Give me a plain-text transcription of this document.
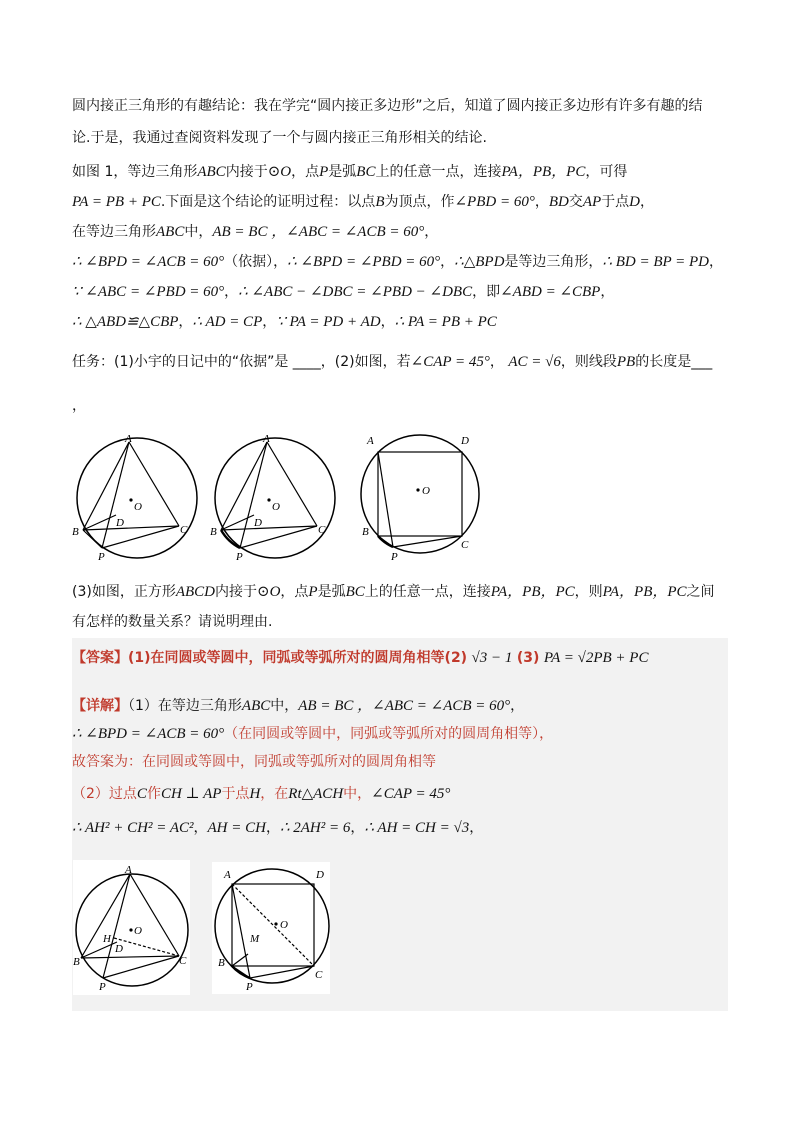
圆内接正三角形的有趣结论：我在学完“圆内接正多边形”之后，知道了圆内接正多边形有许多有趣的结
论.于是，我通过查阅资料发现了一个与圆内接正三角形相关的结论.
如图 1，等边三角形ABC内接于⊙O，点P是弧BC上的任意一点，连接PA，PB，PC，可得
PA = PB + PC.下面是这个结论的证明过程：以点B为顶点，作∠PBD = 60°，BD交AP于点D，
在等边三角形ABC中，AB = BC ，∠ABC = ∠ACB = 60°，
∴ ∠BPD = ∠ACB = 60°（依据），∴ ∠BPD = ∠PBD = 60°，∴△BPD是等边三角形，∴ BD = BP = PD，
∵ ∠ABC = ∠PBD = 60°，∴ ∠ABC − ∠DBC = ∠PBD − ∠DBC，即∠ABD = ∠CBP，
∴ △ABD≌△CBP，∴ AD = CP，∵ PA = PD + AD，∴ PA = PB + PC
任务：(1)小宇的日记中的“依据”是 ____，(2)如图，若∠CAP = 45°， AC = √6，则线段PB的长度是___
，
A
O
D
B	C
P
A
O
D
B	C
P
A	D
O
B
C
P
(3)如图，正方形ABCD内接于⊙O，点P是弧BC上的任意一点，连接PA，PB，PC，则PA，PB，PC之间
有怎样的数量关系？请说明理由.
【答案】(1)在同圆或等圆中，同弧或等弧所对的圆周角相等(2) √3 − 1 (3) PA = √2PB + PC
【详解】（1）在等边三角形ABC中，AB = BC ，∠ABC = ∠ACB = 60°，
∴ ∠BPD = ∠ACB = 60°（在同圆或等圆中，同弧或等弧所对的圆周角相等），
故答案为：在同圆或等圆中，同弧或等弧所对的圆周角相等
（2）过点C作CH ⊥ AP于点H，在Rt△ACH中，∠CAP = 45°
∴ AH² + CH² = AC²，AH = CH，∴ 2AH² = 6，∴ AH = CH = √3，
A
O
H
D
B	C
P
A	D
O
M
B
C
P
